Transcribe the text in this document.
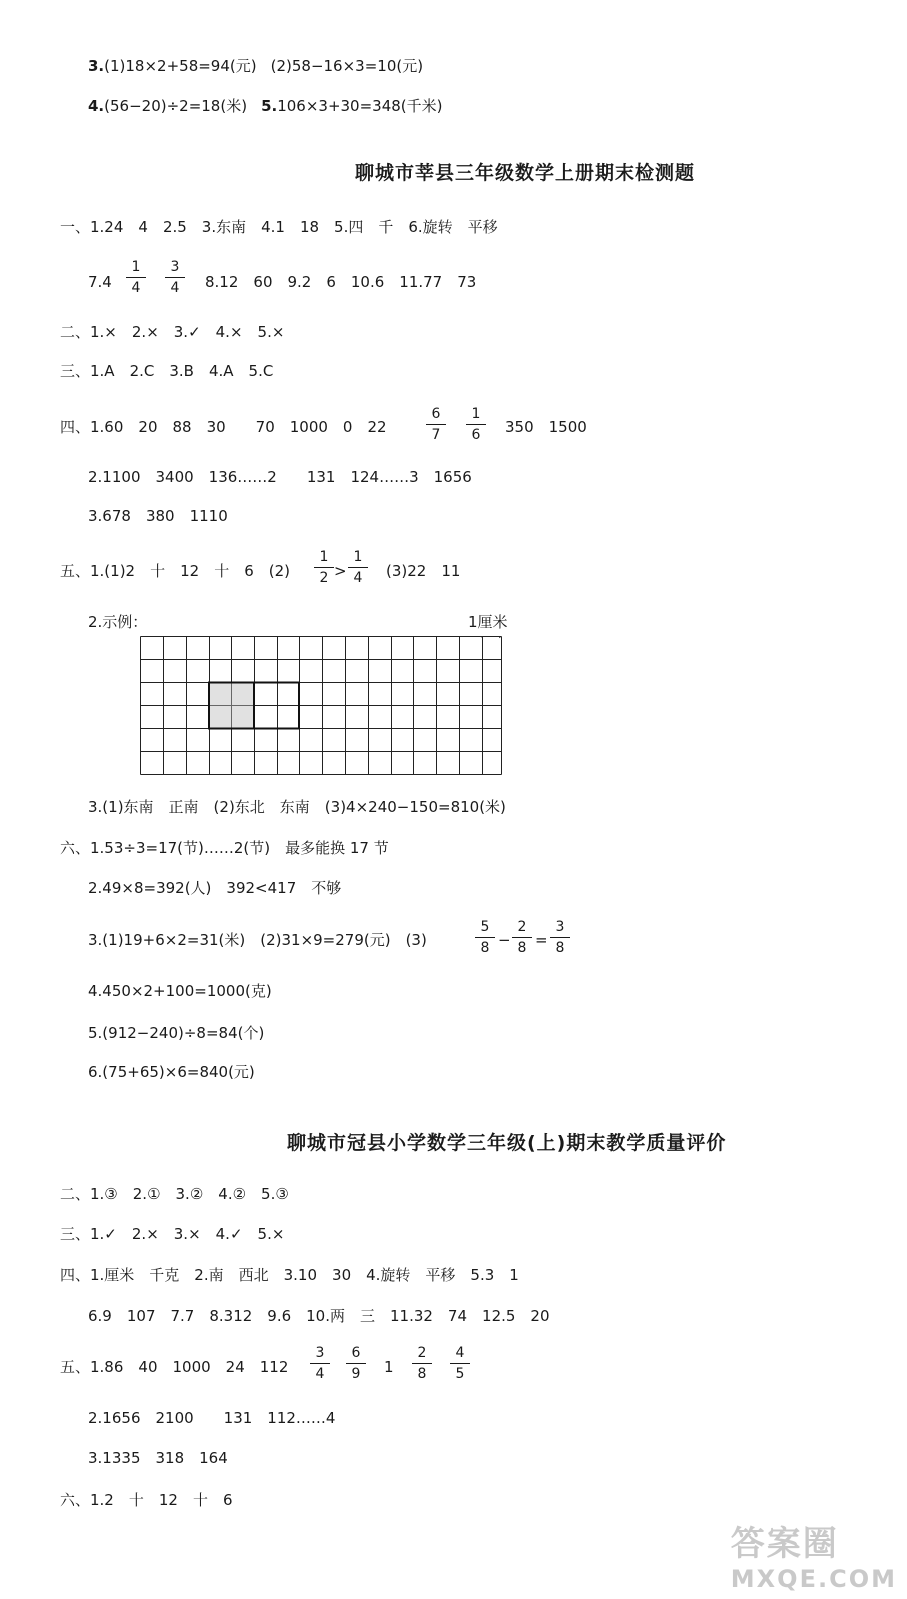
3.(1)18×2+58=94(元) (2)58−16×3=10(元)
4.(56−20)÷2=18(米) 5.106×3+30=348(千米)
聊城市莘县三年级数学上册期末检测题
一、1.24　4　2.5　3.东南　4.1　18　5.四　千　6.旋转　平移
$7.4 \frac{1}{4} \frac{3}{4} 8.12$　60　9.2　6　10.6　11.77　73
二、1.×　2.×　3.✓　4.×　5.×
三、1.A　2.C　3.B　4.A　5.C
四、1.60　20　88　30　　70　1000　0　22	$\frac{6}{7} \frac{1}{6} 350$　1500
2.1100　3400　136……2　　131　124……3　1656
3.678　380　1110
五、1.(1)2　十　12　十　6　$(2) \frac{1}{2} > \frac{1}{4} (3)22$　11
2.示例：	1厘米
3.(1)东南　正南　(2)东北　东南　(3)4×240−150=810(米)
六、1.53÷3=17(节)……2(节)　最多能换 17 节
2.49×8=392(人)　392<417　不够
3.(1)19+6×2=31(米)　(2)31×9=279(元)　(3)	$\frac{5}{8} - \frac{2}{8} = \frac{3}{8}$
4.450×2+100=1000(克)
5.(912−240)÷8=84(个)
6.(75+65)×6=840(元)
聊城市冠县小学数学三年级(上)期末教学质量评价
二、1.③　2.①　3.②　4.②　5.③
三、1.✓　2.×　3.×　4.✓　5.×
四、1.厘米　千克　2.南　西北　3.10　30　4.旋转　平移　5.3　1
6.9　107　7.7　8.312　9.6　10.两　三　11.32　74　12.5　20
五、1.86　40　1000　24　$112 \frac{3}{4} \frac{6}{9} 1 \frac{2}{8} \frac{4}{5}$
2.1656　2100　　131　112……4
3.1335　318　164
六、1.2　十　12　十　6
答案圈
MXQE.COM
